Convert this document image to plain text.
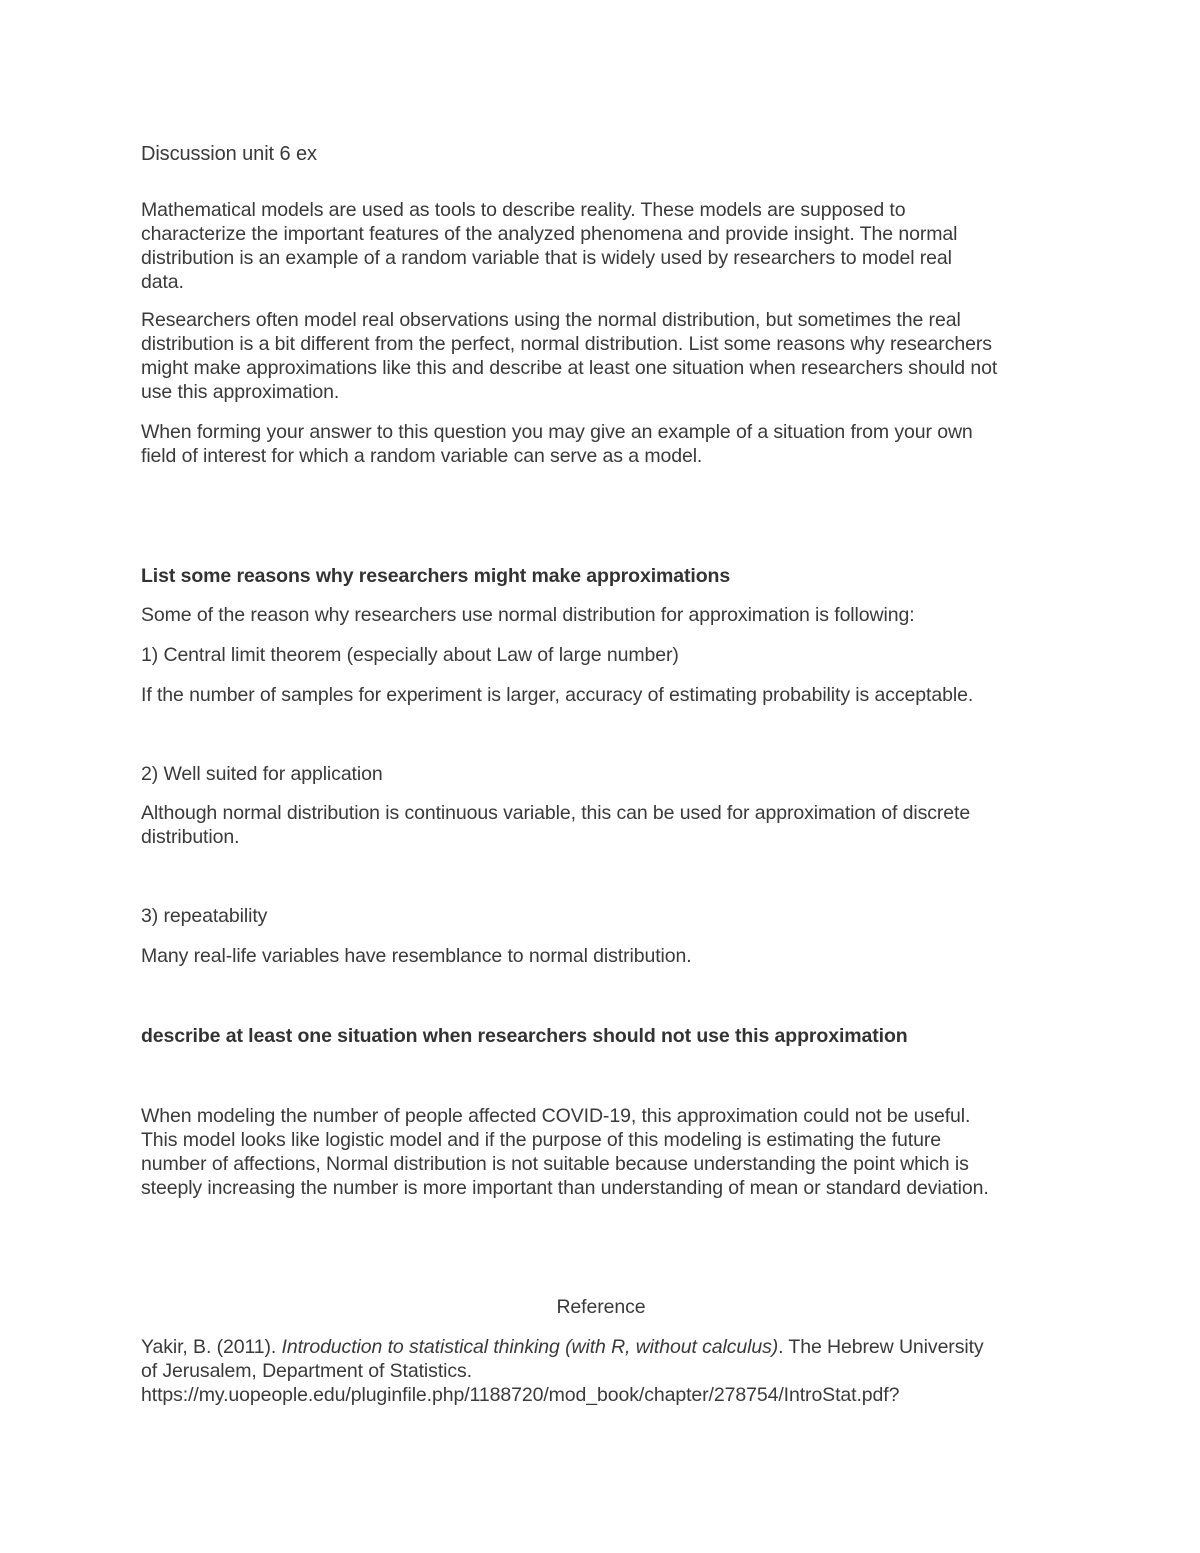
Discussion unit 6 ex
Mathematical models are used as tools to describe reality. These models are supposed to
characterize the important features of the analyzed phenomena and provide insight. The normal
distribution is an example of a random variable that is widely used by researchers to model real
data.
Researchers often model real observations using the normal distribution, but sometimes the real
distribution is a bit different from the perfect, normal distribution. List some reasons why researchers
might make approximations like this and describe at least one situation when researchers should not
use this approximation.
When forming your answer to this question you may give an example of a situation from your own
field of interest for which a random variable can serve as a model.
List some reasons why researchers might make approximations
Some of the reason why researchers use normal distribution for approximation is following:
1) Central limit theorem (especially about Law of large number)
If the number of samples for experiment is larger, accuracy of estimating probability is acceptable.
2) Well suited for application
Although normal distribution is continuous variable, this can be used for approximation of discrete
distribution.
3) repeatability
Many real-life variables have resemblance to normal distribution.
describe at least one situation when researchers should not use this approximation
When modeling the number of people affected COVID-19, this approximation could not be useful.
This model looks like logistic model and if the purpose of this modeling is estimating the future
number of affections, Normal distribution is not suitable because understanding the point which is
steeply increasing the number is more important than understanding of mean or standard deviation.
Reference
Yakir, B. (2011). Introduction to statistical thinking (with R, without calculus). The Hebrew University
of Jerusalem, Department of Statistics.
https://my.uopeople.edu/pluginfile.php/1188720/mod_book/chapter/278754/IntroStat.pdf?
